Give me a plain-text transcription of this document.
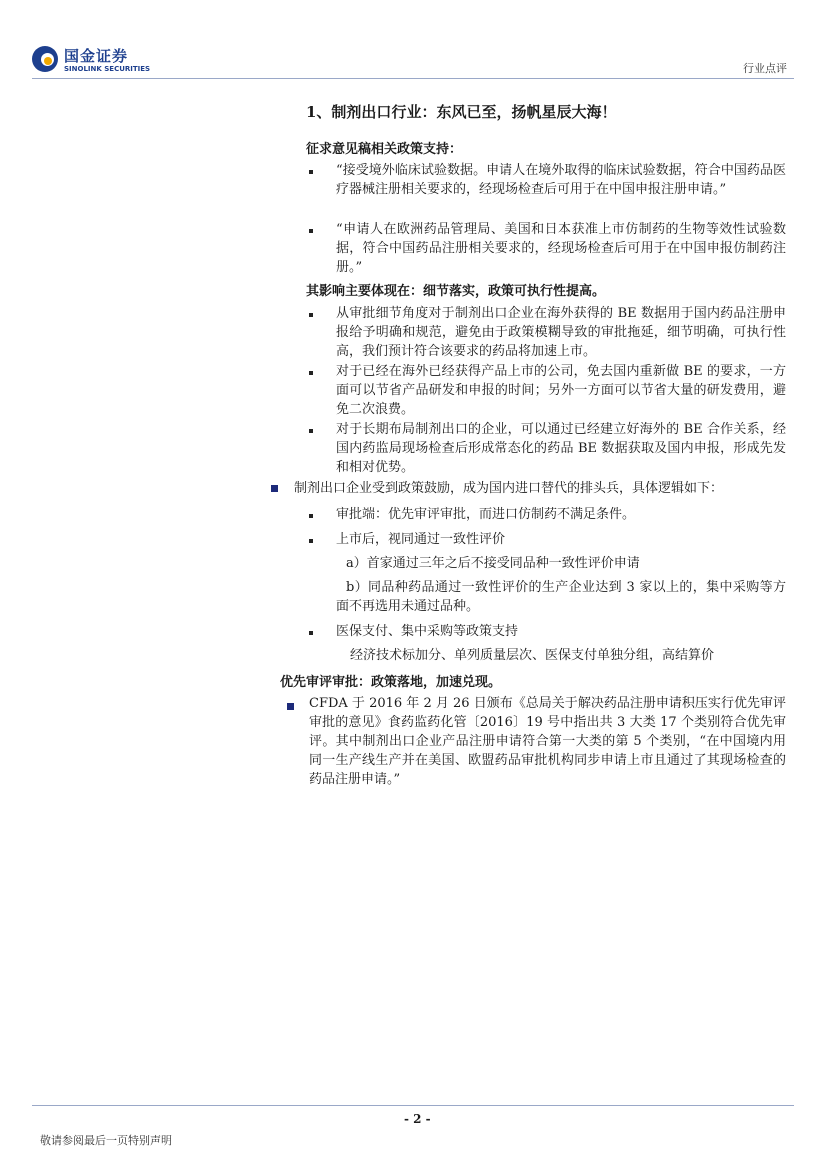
国金证券
SINOLINK SECURITIES	行业点评
1、制剂出口行业：东风已至，扬帆星辰大海！
征求意见稿相关政策支持：
“接受境外临床试验数据。申请人在境外取得的临床试验数据，符合中国药品医疗器械注册相关要求的，经现场检查后可用于在中国申报注册申请。”
“申请人在欧洲药品管理局、美国和日本获准上市仿制药的生物等效性试验数据，符合中国药品注册相关要求的，经现场检查后可用于在中国申报仿制药注册。”
其影响主要体现在：细节落实，政策可执行性提高。
从审批细节角度对于制剂出口企业在海外获得的 BE 数据用于国内药品注册申报给予明确和规范，避免由于政策模糊导致的审批拖延，细节明确，可执行性高，我们预计符合该要求的药品将加速上市。
对于已经在海外已经获得产品上市的公司，免去国内重新做 BE 的要求，一方面可以节省产品研发和申报的时间；另外一方面可以节省大量的研发费用，避免二次浪费。
对于长期布局制剂出口的企业，可以通过已经建立好海外的 BE 合作关系，经国内药监局现场检查后形成常态化的药品 BE 数据获取及国内申报，形成先发和相对优势。
制剂出口企业受到政策鼓励，成为国内进口替代的排头兵，具体逻辑如下：
审批端：优先审评审批，而进口仿制药不满足条件。
上市后，视同通过一致性评价
a）首家通过三年之后不接受同品种一致性评价申请
b）同品种药品通过一致性评价的生产企业达到 3 家以上的，集中采购等方面不再选用未通过品种。
医保支付、集中采购等政策支持
经济技术标加分、单列质量层次、医保支付单独分组，高结算价
优先审评审批：政策落地，加速兑现。
CFDA 于 2016 年 2 月 26 日颁布《总局关于解决药品注册申请积压实行优先审评审批的意见》食药监药化管〔2016〕19 号中指出共 3 大类 17 个类别符合优先审评。其中制剂出口企业产品注册申请符合第一大类的第 5 个类别，“在中国境内用同一生产线生产并在美国、欧盟药品审批机构同步申请上市且通过了其现场检查的药品注册申请。”
- 2 -
敬请参阅最后一页特别声明
